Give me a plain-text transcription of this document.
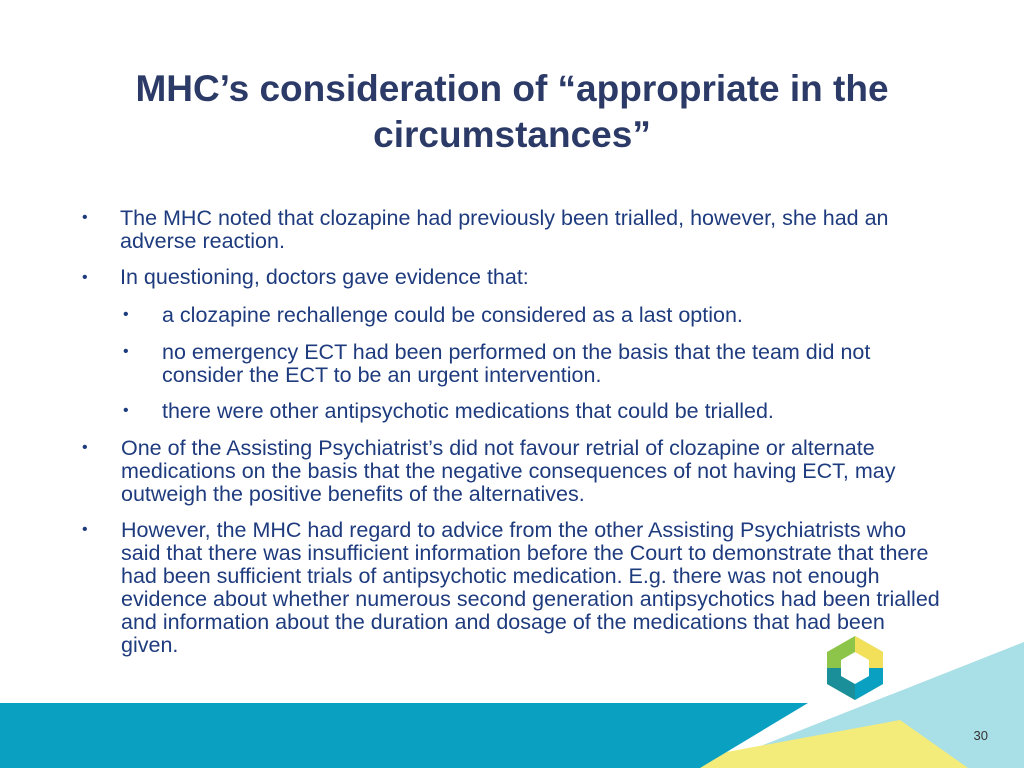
MHC’s consideration of “appropriate in the circumstances”
• The MHC noted that clozapine had previously been trialled, however, she had an adverse reaction.
• In questioning, doctors gave evidence that:
• a clozapine rechallenge could be considered as a last option.
• no emergency ECT had been performed on the basis that the team did not consider the ECT to be an urgent intervention.
• there were other antipsychotic medications that could be trialled.
• One of the Assisting Psychiatrist’s did not favour retrial of clozapine or alternate medications on the basis that the negative consequences of not having ECT, may outweigh the positive benefits of the alternatives.
• However, the MHC had regard to advice from the other Assisting Psychiatrists who said that there was insufficient information before the Court to demonstrate that there had been sufficient trials of antipsychotic medication. E.g. there was not enough evidence about whether numerous second generation antipsychotics had been trialled and information about the duration and dosage of the medications that had been given.
30
